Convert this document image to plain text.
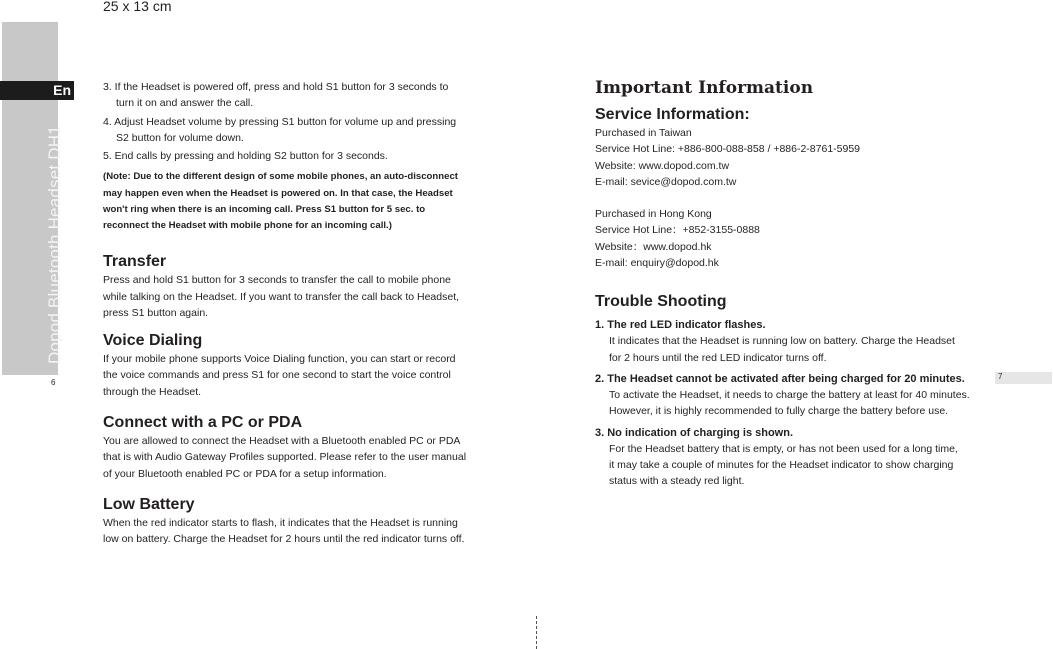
25 x 13 cm
Dopod Bluetooth Headset DH1
En
6
3. If the Headset is powered off, press and hold S1 button for 3 seconds to
turn it on and answer the call.
4. Adjust Headset volume by pressing S1 button for volume up and pressing
S2 button for volume down.
5. End calls by pressing and holding S2 button for 3 seconds.
(Note: Due to the different design of some mobile phones, an auto-disconnect
may happen even when the Headset is powered on. In that case, the Headset
won't ring when there is an incoming call. Press S1 button for 5 sec. to
reconnect the Headset with mobile phone for an incoming call.)
Transfer
Press and hold S1 button for 3 seconds to transfer the call to mobile phone
while talking on the Headset. If you want to transfer the call back to Headset,
press S1 button again.
Voice Dialing
If your mobile phone supports Voice Dialing function, you can start or record
the voice commands and press S1 for one second to start the voice control
through the Headset.
Connect with a PC or PDA
You are allowed to connect the Headset with a Bluetooth enabled PC or PDA
that is with Audio Gateway Profiles supported. Please refer to the user manual
of your Bluetooth enabled PC or PDA for a setup information.
Low Battery
When the red indicator starts to flash, it indicates that the Headset is running
low on battery. Charge the Headset for 2 hours until the red indicator turns off.
Important Information
Service Information:
Purchased in Taiwan
Service Hot Line: +886-800-088-858 / +886-2-8761-5959
Website: www.dopod.com.tw
E-mail: sevice@dopod.com.tw
Purchased in Hong Kong
Service Hot Line：+852-3155-0888
Website：www.dopod.hk
E-mail: enquiry@dopod.hk
Trouble Shooting
1. The red LED indicator flashes.
It indicates that the Headset is running low on battery. Charge the Headset
for 2 hours until the red LED indicator turns off.
2. The Headset cannot be activated after being charged for 20 minutes.
To activate the Headset, it needs to charge the battery at least for 40 minutes.
However, it is highly recommended to fully charge the battery before use.
3. No indication of charging is shown.
For the Headset battery that is empty, or has not been used for a long time,
it may take a couple of minutes for the Headset indicator to show charging
status with a steady red light.
7
